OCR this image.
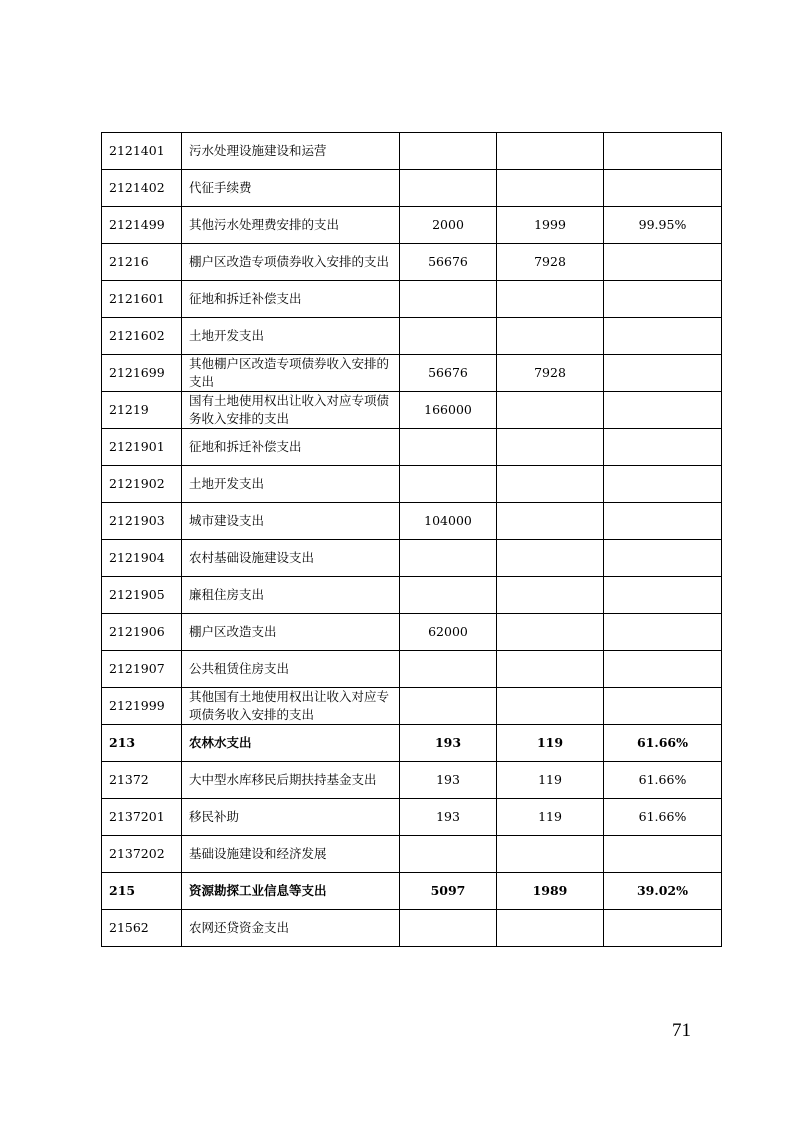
2121401	污水处理设施建设和运营			
2121402	代征手续费			
2121499	其他污水处理费安排的支出	2000	1999	99.95%
21216	棚户区改造专项债券收入安排的支出	56676	7928	
2121601	征地和拆迁补偿支出			
2121602	土地开发支出			
2121699	其他棚户区改造专项债券收入安排的支出	56676	7928	
21219	国有土地使用权出让收入对应专项债务收入安排的支出	166000		
2121901	征地和拆迁补偿支出			
2121902	土地开发支出			
2121903	城市建设支出	104000		
2121904	农村基础设施建设支出			
2121905	廉租住房支出			
2121906	棚户区改造支出	62000		
2121907	公共租赁住房支出			
2121999	其他国有土地使用权出让收入对应专项债务收入安排的支出			
213	农林水支出	193	119	61.66%
21372	大中型水库移民后期扶持基金支出	193	119	61.66%
2137201	移民补助	193	119	61.66%
2137202	基础设施建设和经济发展			
215	资源勘探工业信息等支出	5097	1989	39.02%
21562	农网还贷资金支出			
71
